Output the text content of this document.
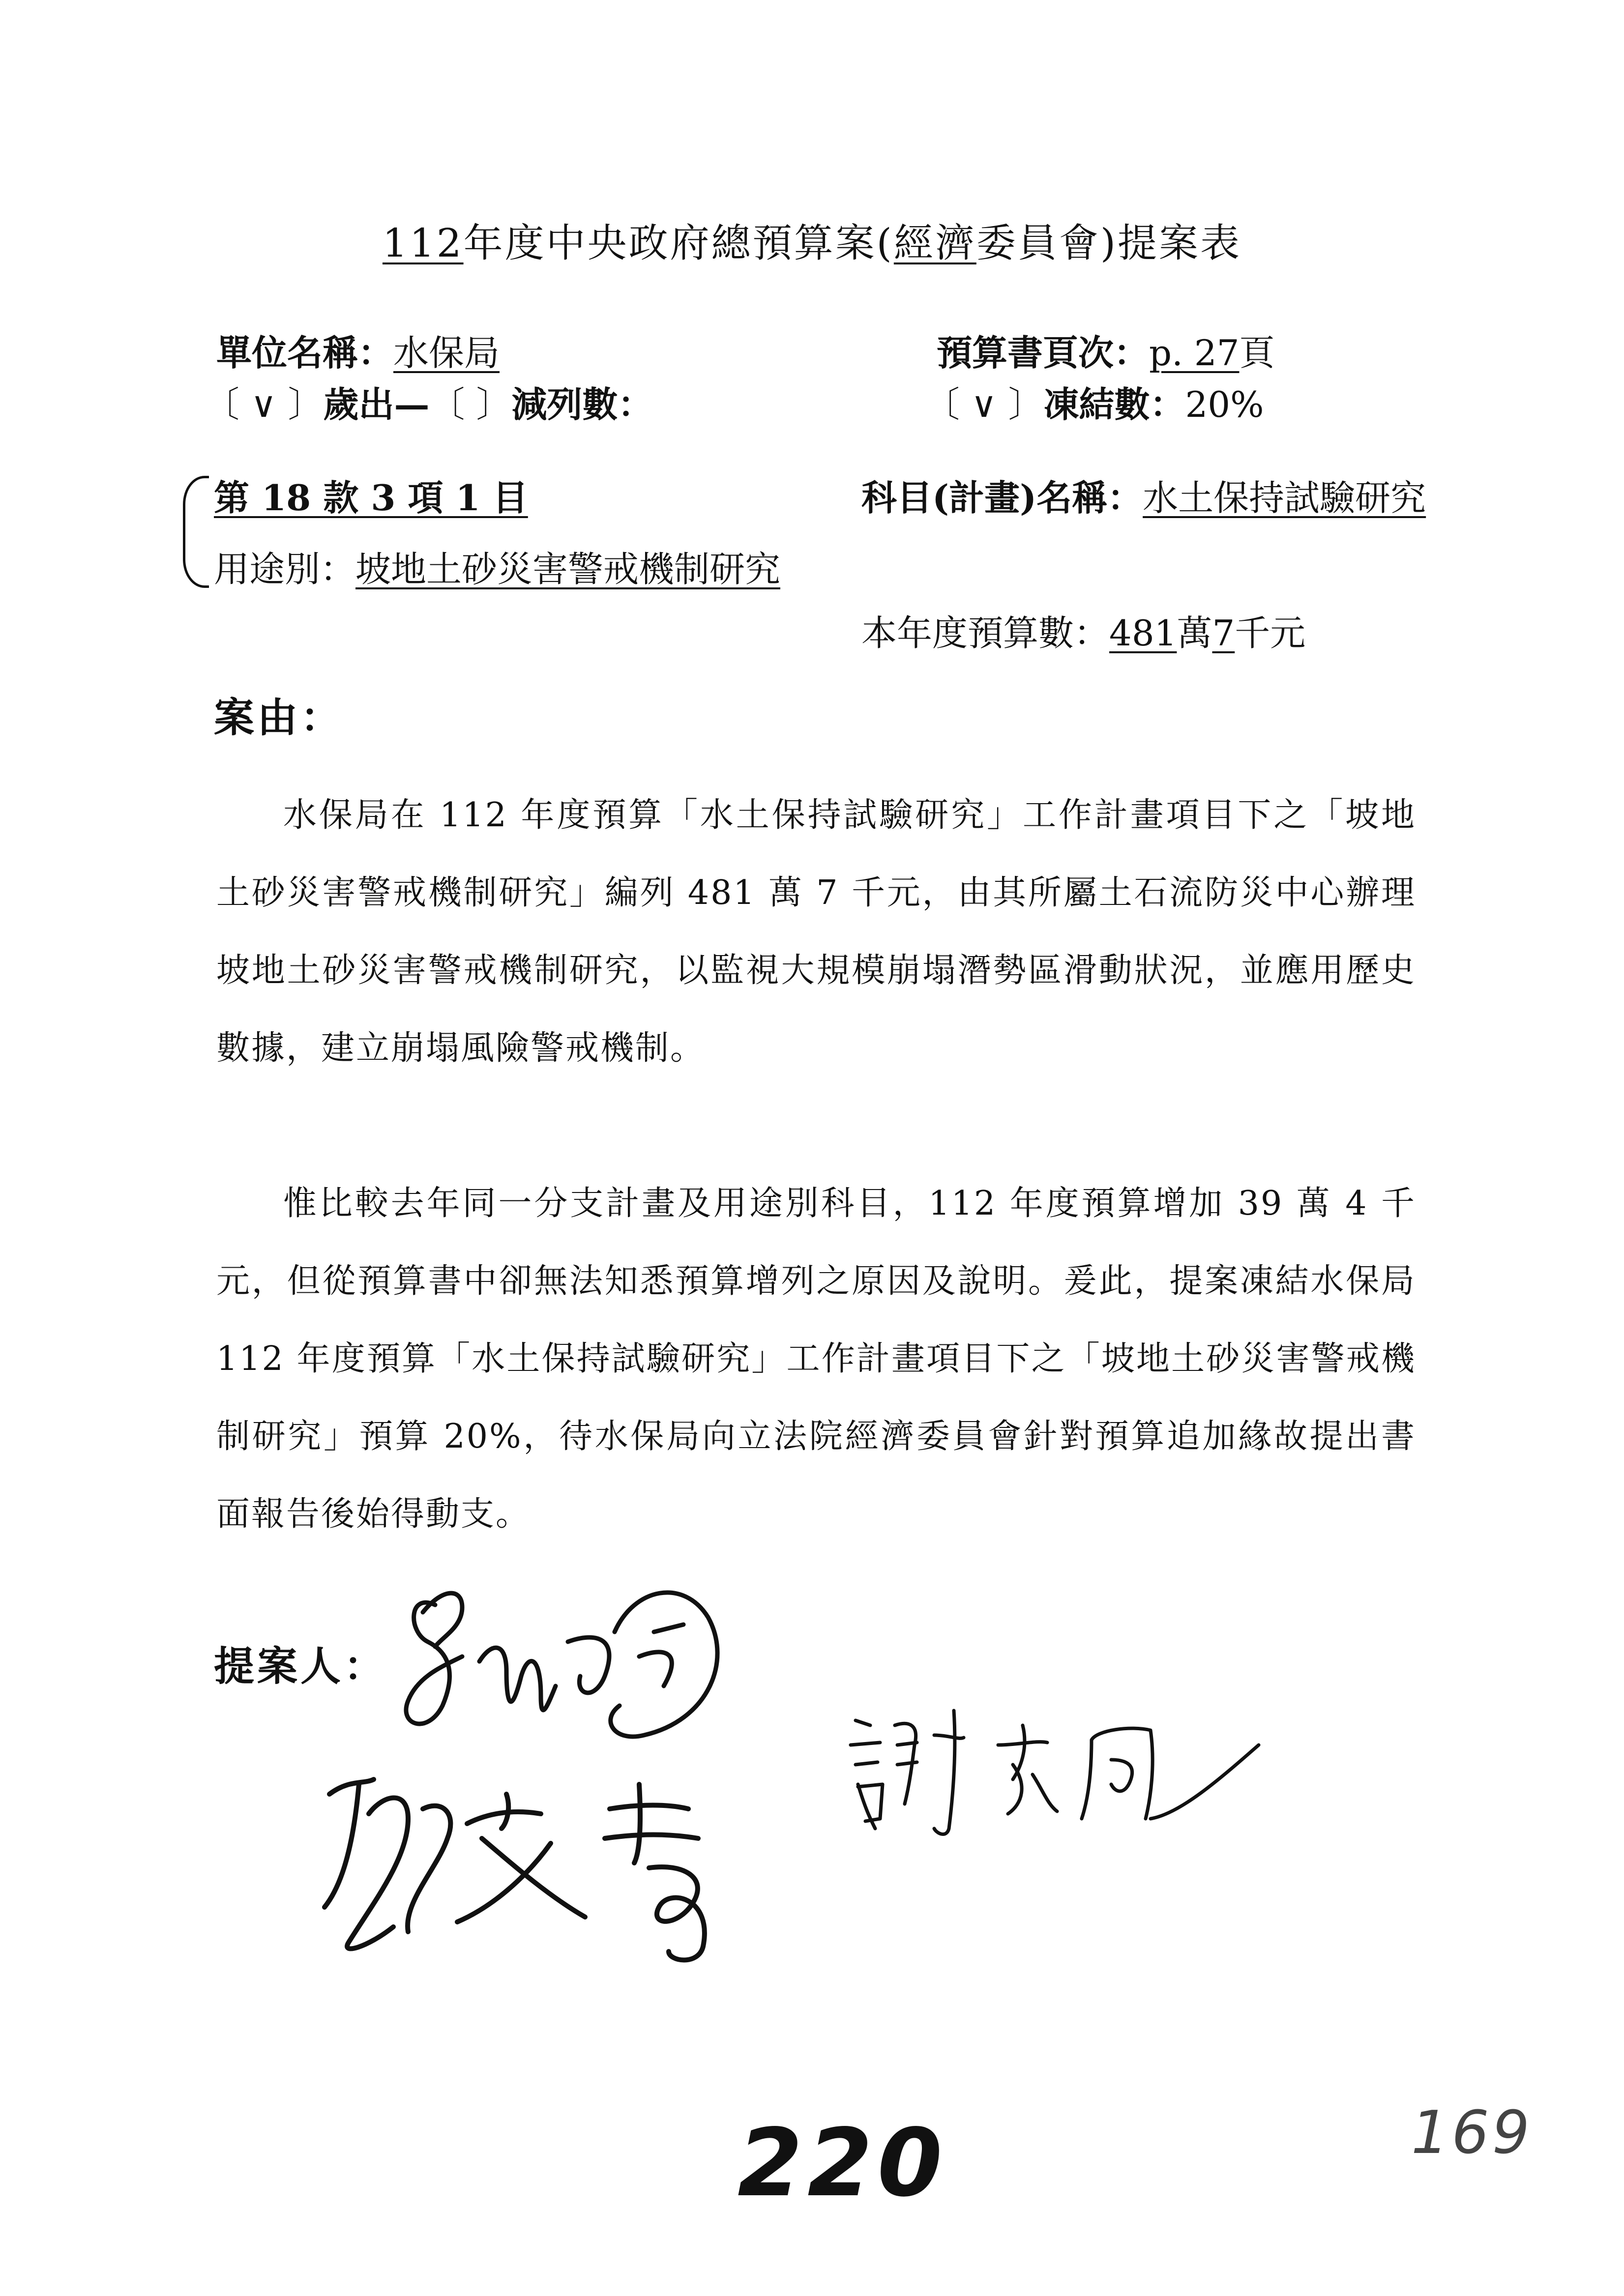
112年度中央政府總預算案(經濟委員會)提案表
單位名稱：水保局	預算書頁次：p. 27頁
〔 ∨ 〕歲出—〔 〕減列數：	〔 ∨ 〕凍結數：20%
第 18 款 3 項 1 目	科目(計畫)名稱：水土保持試驗研究
用途別：坡地土砂災害警戒機制研究
本年度預算數：481萬7千元
案由：
水保局在 112 年度預算「水土保持試驗研究」工作計畫項目下之「坡地土砂災害警戒機制研究」編列 481 萬 7 千元，由其所屬土石流防災中心辦理坡地土砂災害警戒機制研究，以監視大規模崩塌潛勢區滑動狀況，並應用歷史數據，建立崩塌風險警戒機制。
惟比較去年同一分支計畫及用途別科目，112 年度預算增加 39 萬 4 千元，但從預算書中卻無法知悉預算增列之原因及說明。爰此，提案凍結水保局 112 年度預算「水土保持試驗研究」工作計畫項目下之「坡地土砂災害警戒機制研究」預算 20%，待水保局向立法院經濟委員會針對預算追加緣故提出書面報告後始得動支。
提案人：
220	169
